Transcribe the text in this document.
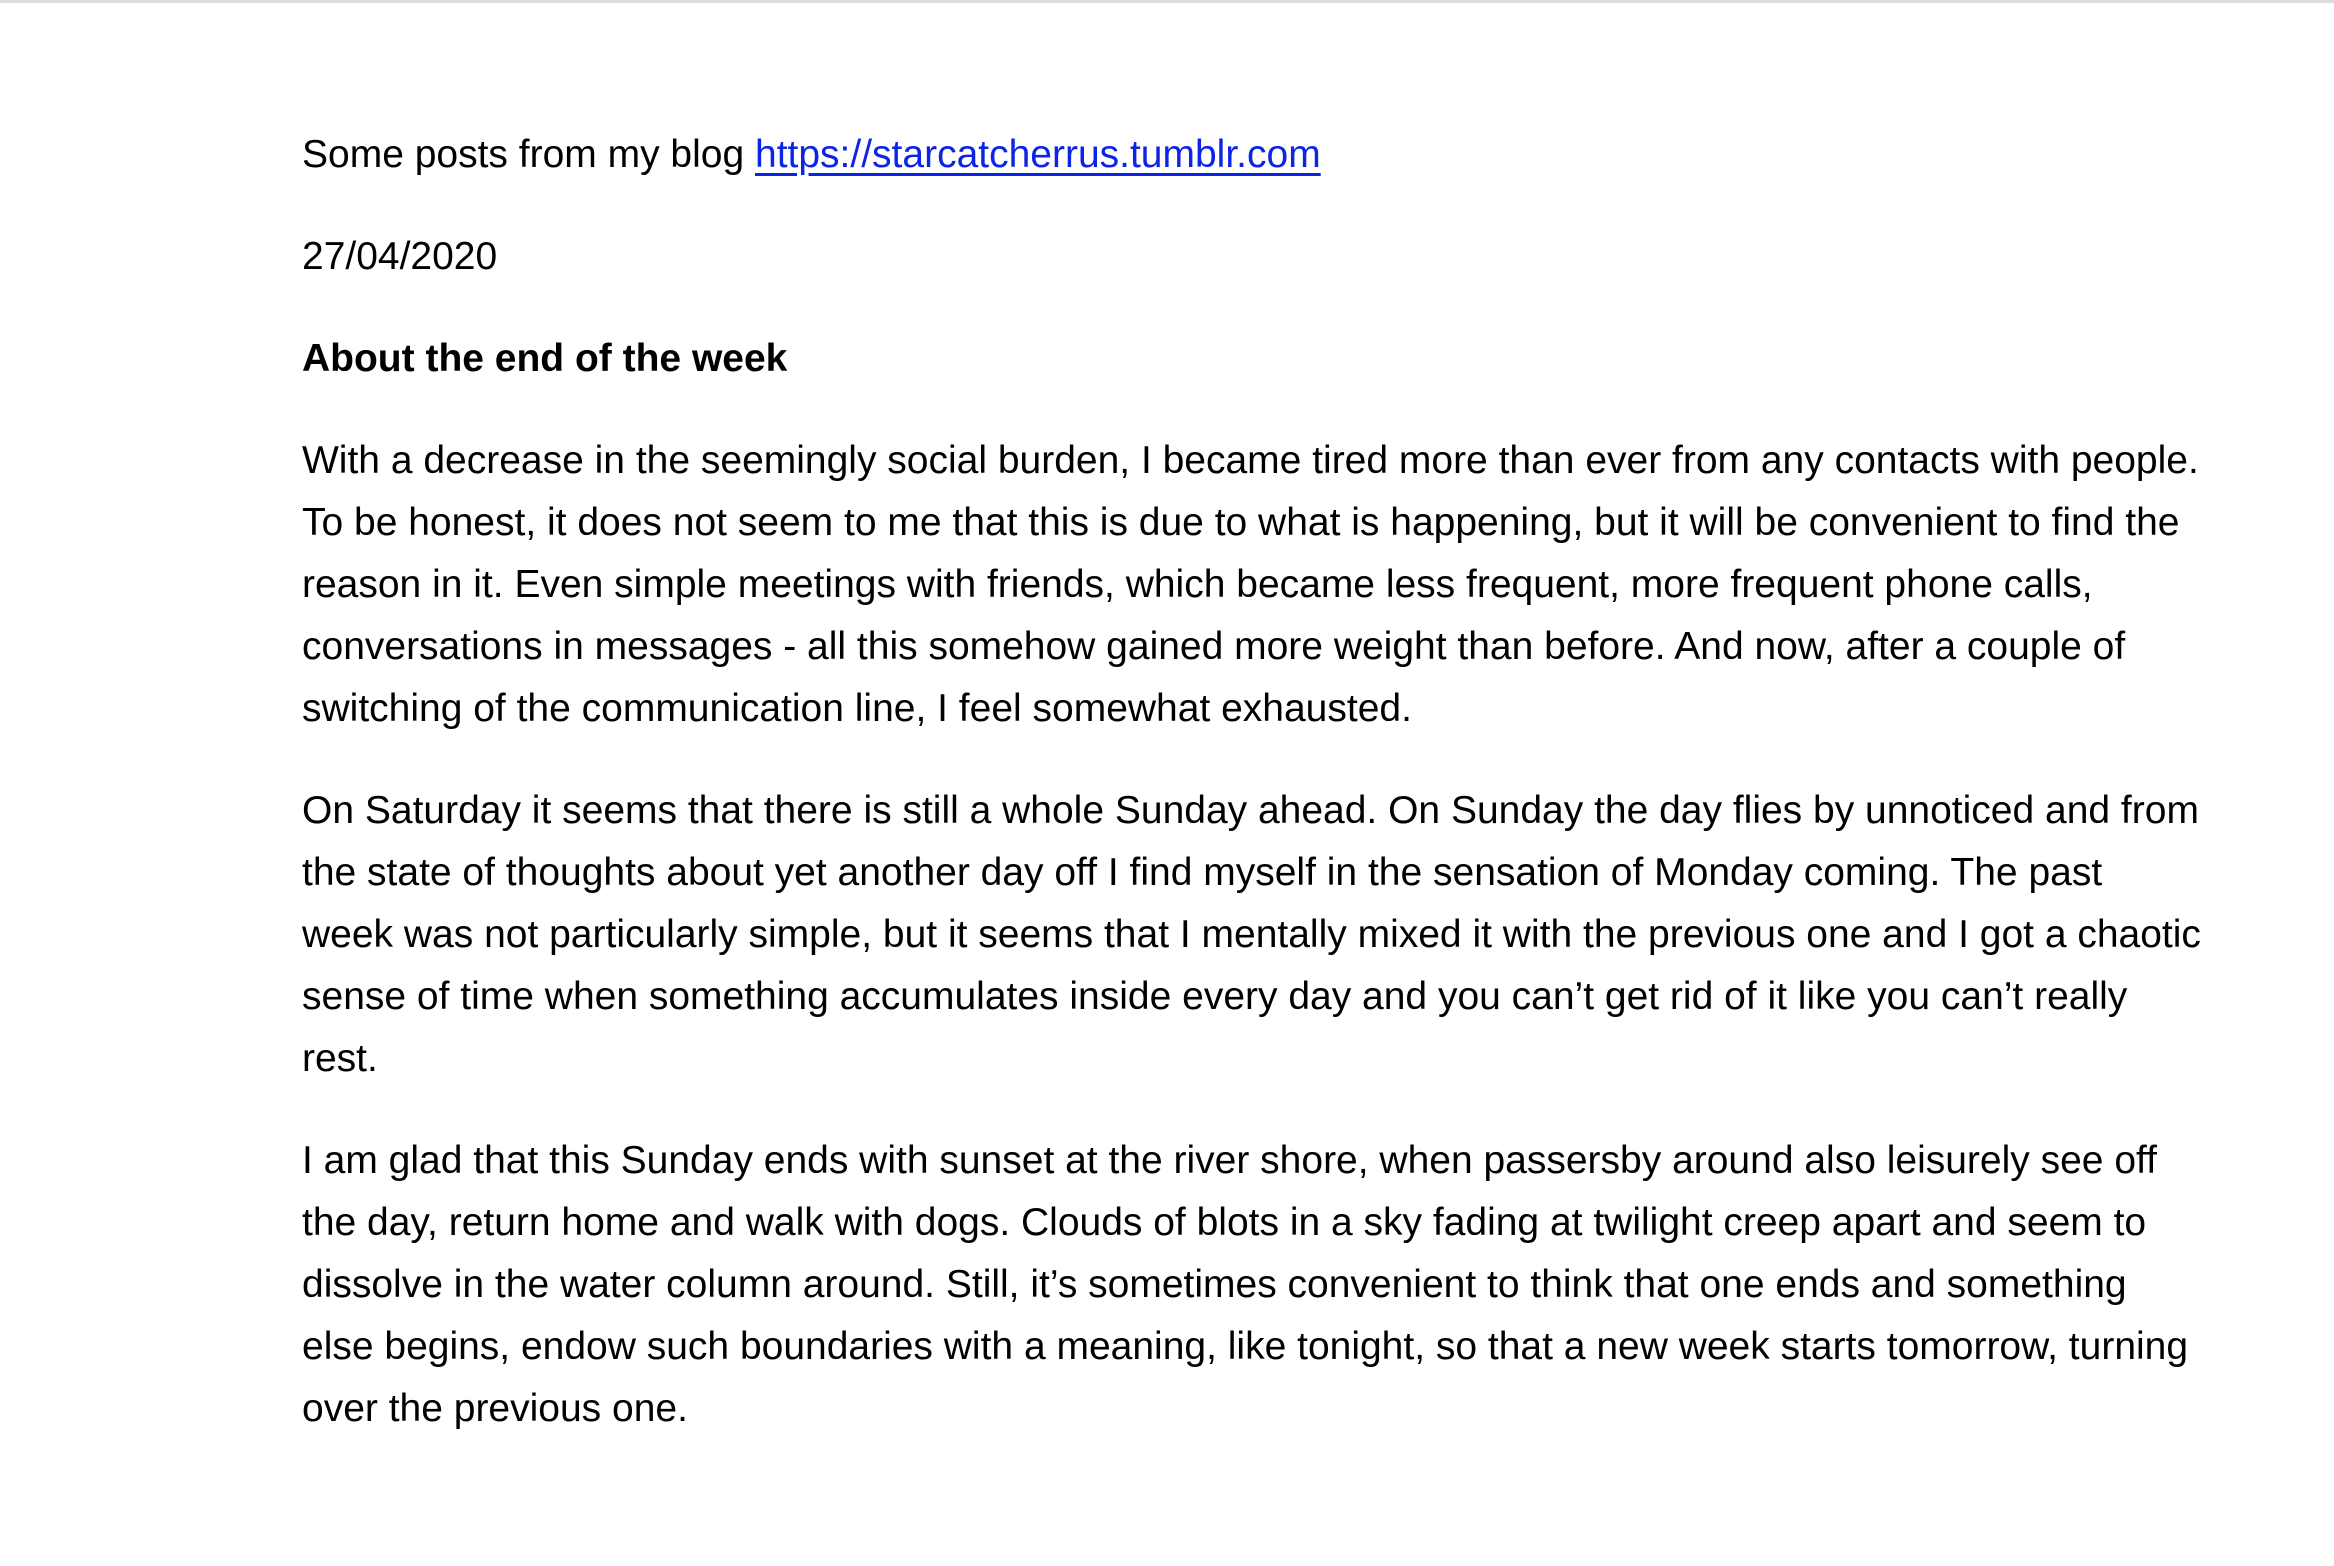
Some posts from my blog https://starcatcherrus.tumblr.com

27/04/2020

About the end of the week

With a decrease in the seemingly social burden, I became tired more than ever from any contacts with people. To be honest, it does not seem to me that this is due to what is happening, but it will be convenient to find the reason in it. Even simple meetings with friends, which became less frequent, more frequent phone calls, conversations in messages - all this somehow gained more weight than before. And now, after a couple of switching of the communication line, I feel somewhat exhausted.

On Saturday it seems that there is still a whole Sunday ahead. On Sunday the day flies by unnoticed and from the state of thoughts about yet another day off I find myself in the sensation of Monday coming. The past week was not particularly simple, but it seems that I mentally mixed it with the previous one and I got a chaotic sense of time when something accumulates inside every day and you can’t get rid of it like you can’t really rest.

I am glad that this Sunday ends with sunset at the river shore, when passersby around also leisurely see off the day, return home and walk with dogs. Clouds of blots in a sky fading at twilight creep apart and seem to dissolve in the water column around. Still, it’s sometimes convenient to think that one ends and something else begins, endow such boundaries with a meaning, like tonight, so that a new week starts tomorrow, turning over the previous one.
